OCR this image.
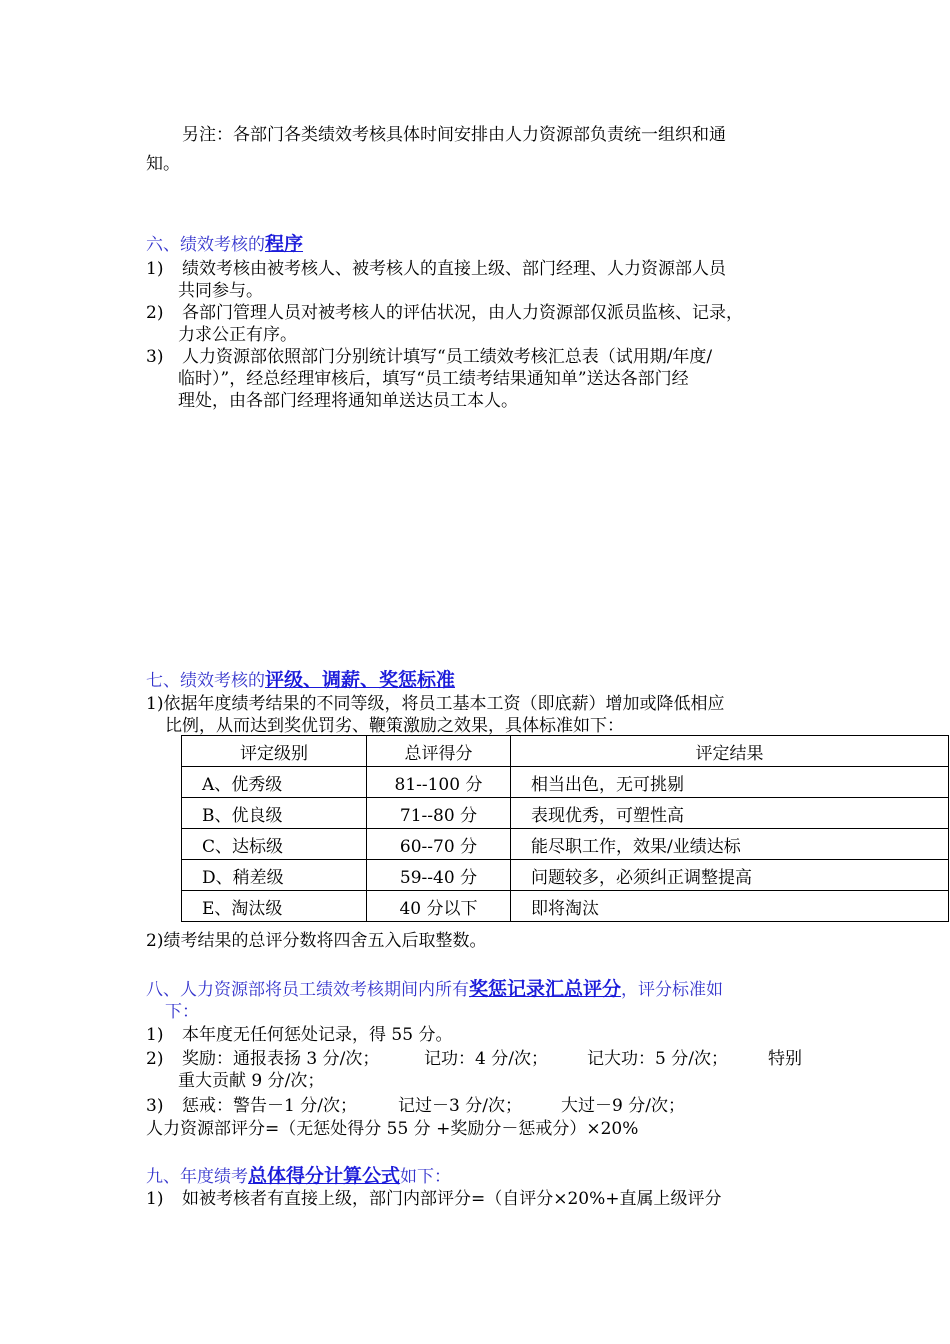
另注：各部门各类绩效考核具体时间安排由人力资源部负责统一组织和通
知。
六、绩效考核的程序
1) 绩效考核由被考核人、被考核人的直接上级、部门经理、人力资源部人员
共同参与。
2) 各部门管理人员对被考核人的评估状况，由人力资源部仅派员监核、记录，
力求公正有序。
3) 人力资源部依照部门分别统计填写“员工绩效考核汇总表（试用期/年度/
临时）”，经总经理审核后，填写“员工绩考结果通知单”送达各部门经
理处，由各部门经理将通知单送达员工本人。
七、绩效考核的评级、调薪、奖惩标准
1)依据年度绩考结果的不同等级，将员工基本工资（即底薪）增加或降低相应
比例，从而达到奖优罚劣、鞭策激励之效果，具体标准如下：
评定级别	总评得分	评定结果
A、优秀级	81--100 分	相当出色，无可挑剔
B、优良级	71--80 分	表现优秀，可塑性高
C、达标级	60--70 分	能尽职工作，效果/业绩达标
D、稍差级	59--40 分	问题较多，必须纠正调整提高
E、淘汰级	40 分以下	即将淘汰
2)绩考结果的总评分数将四舍五入后取整数。
八、人力资源部将员工绩效考核期间内所有奖惩记录汇总评分，评分标准如
下：
1) 本年度无任何惩处记录，得 55 分。
2) 奖励：通报表扬 3 分/次；	记功：4 分/次； 记大功：5 分/次； 特别
重大贡献 9 分/次；
3) 惩戒：警告－1 分/次； 记过－3 分/次； 大过－9 分/次；
人力资源部评分=（无惩处得分 55 分 +奖励分－惩戒分）×20%
九、年度绩考总体得分计算公式如下：
1) 如被考核者有直接上级，部门内部评分=（自评分×20%+直属上级评分
